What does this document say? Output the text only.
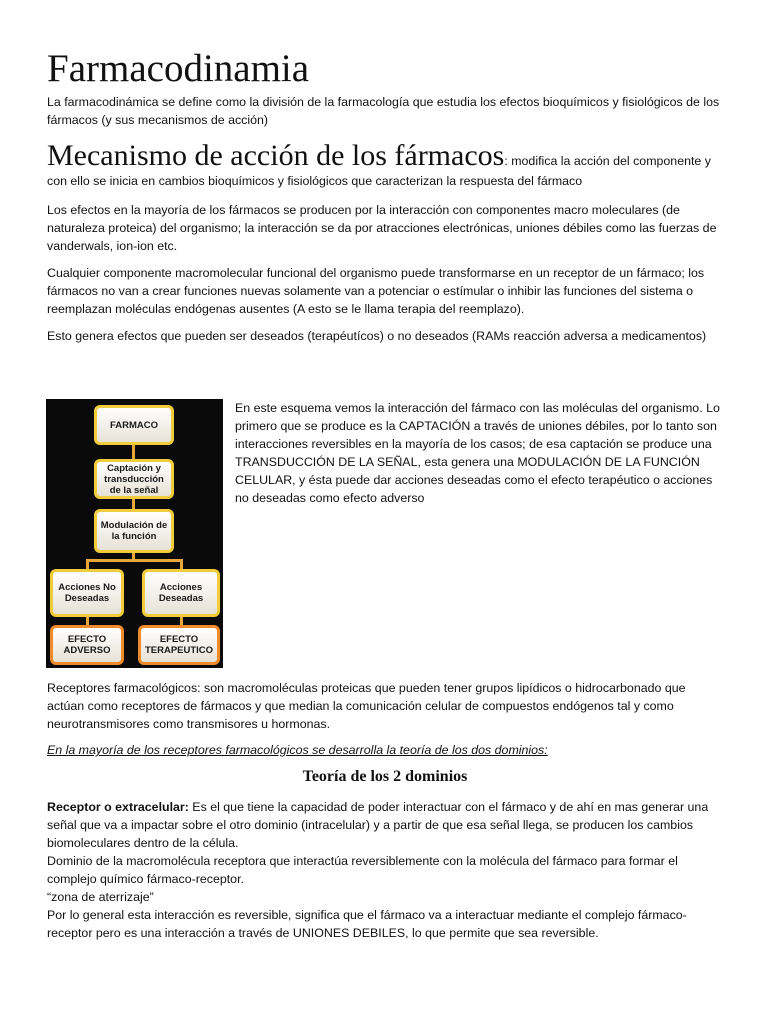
Farmacodinamia

La farmacodinámica se define como la división de la farmacología que estudia los efectos bioquímicos y fisiológicos de los fármacos (y sus mecanismos de acción)

Mecanismo de acción de los fármacos: modifica la acción del componente y con ello se inicia en cambios bioquímicos y fisiológicos que caracterizan la respuesta del fármaco

Los efectos en la mayoría de los fármacos se producen por la interacción con componentes macro moleculares (de naturaleza proteica) del organismo; la interacción se da por atracciones electrónicas, uniones débiles como las fuerzas de vanderwals, ion-ion etc.

Cualquier componente macromolecular funcional del organismo puede transformarse en un receptor de un fármaco; los fármacos no van a crear funciones nuevas solamente van a potenciar o estímular o inhibir las funciones del sistema o reemplazan moléculas endógenas ausentes (A esto se le llama terapia del reemplazo).

Esto genera efectos que pueden ser deseados (terapéutícos) o no deseados (RAMs reacción adversa a medicamentos)

FARMACO
Captación y transducción de la señal
Modulación de la función
Acciones No Deseadas
Acciones Deseadas
EFECTO ADVERSO
EFECTO TERAPEUTICO

En este esquema vemos la interacción del fármaco con las moléculas del organismo. Lo primero que se produce es la CAPTACIÓN a través de uniones débiles, por lo tanto son interacciones reversibles en la mayoría de los casos; de esa captación se produce una TRANSDUCCIÓN DE LA SEÑAL, esta genera una MODULACIÓN DE LA FUNCIÓN CELULAR, y ésta puede dar acciones deseadas como el efecto terapéutico o acciones no deseadas como efecto adverso

Receptores farmacológicos: son macromoléculas proteicas que pueden tener grupos lipídicos o hidrocarbonado que actúan como receptores de fármacos y que median la comunicación celular de compuestos endógenos tal y como neurotransmisores como transmisores u hormonas.

En la mayoría de los receptores farmacológicos se desarrolla la teoría de los dos dominios:

Teoría de los 2 dominios
Receptor o extracelular: Es el que tiene la capacidad de poder interactuar con el fármaco y de ahí en mas generar una señal que va a impactar sobre el otro dominio (intracelular) y a partir de que esa señal llega, se producen los cambios biomoleculares dentro de la célula.
Dominio de la macromolécula receptora que interactúa reversiblemente con la molécula del fármaco para formar el complejo químico fármaco-receptor.
“zona de aterrizaje”
Por lo general esta interacción es reversible, significa que el fármaco va a interactuar mediante el complejo fármaco-receptor pero es una interacción a través de UNIONES DEBILES, lo que permite que sea reversible.
